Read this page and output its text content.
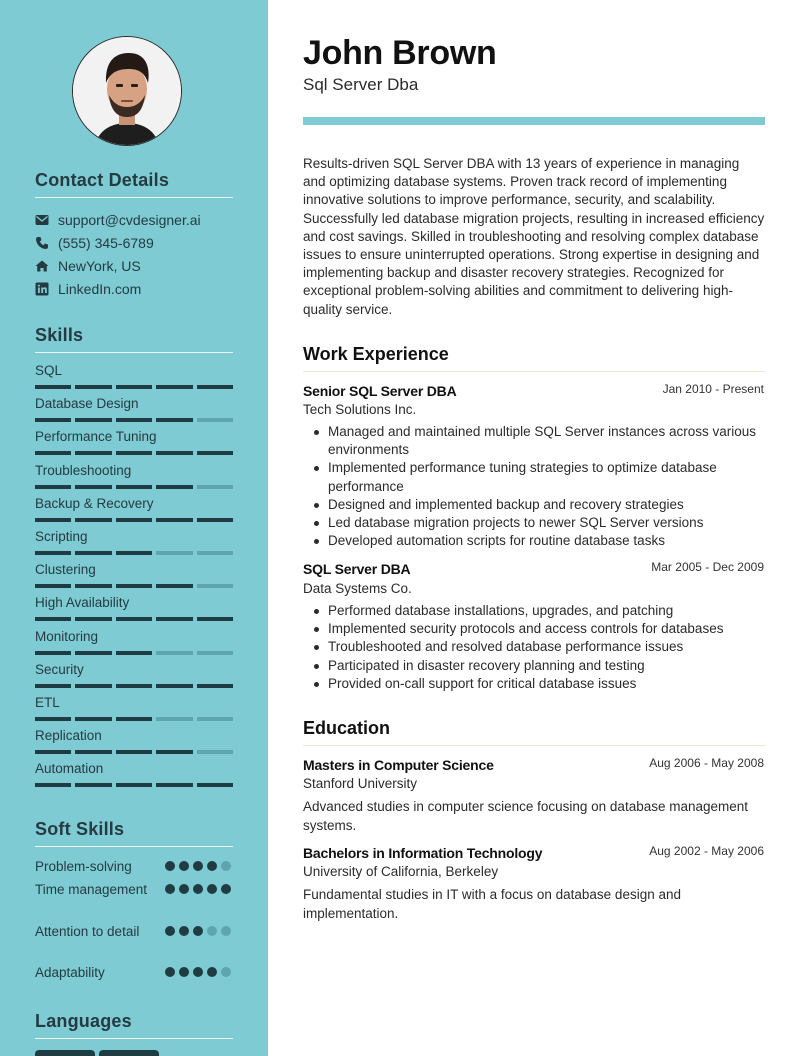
Contact Details
support@cvdesigner.ai
(555) 345-6789
NewYork, US
LinkedIn.com
Skills
SQL
Database Design
Performance Tuning
Troubleshooting
Backup & Recovery
Scripting
Clustering
High Availability
Monitoring
Security
ETL
Replication
Automation
Soft Skills
Problem-solving
Time management
Attention to detail
Adaptability
Languages
John Brown
Sql Server Dba
Results-driven SQL Server DBA with 13 years of experience in managing and optimizing database systems. Proven track record of implementing innovative solutions to improve performance, security, and scalability. Successfully led database migration projects, resulting in increased efficiency and cost savings. Skilled in troubleshooting and resolving complex database issues to ensure uninterrupted operations. Strong expertise in designing and implementing backup and disaster recovery strategies. Recognized for exceptional problem-solving abilities and commitment to delivering high-quality service.
Work Experience
Senior SQL Server DBA	Jan 2010 - Present
Tech Solutions Inc.
Managed and maintained multiple SQL Server instances across various environments
Implemented performance tuning strategies to optimize database performance
Designed and implemented backup and recovery strategies
Led database migration projects to newer SQL Server versions
Developed automation scripts for routine database tasks
SQL Server DBA	Mar 2005 - Dec 2009
Data Systems Co.
Performed database installations, upgrades, and patching
Implemented security protocols and access controls for databases
Troubleshooted and resolved database performance issues
Participated in disaster recovery planning and testing
Provided on-call support for critical database issues
Education
Masters in Computer Science	Aug 2006 - May 2008
Stanford University
Advanced studies in computer science focusing on database management systems.
Bachelors in Information Technology	Aug 2002 - May 2006
University of California, Berkeley
Fundamental studies in IT with a focus on database design and implementation.
